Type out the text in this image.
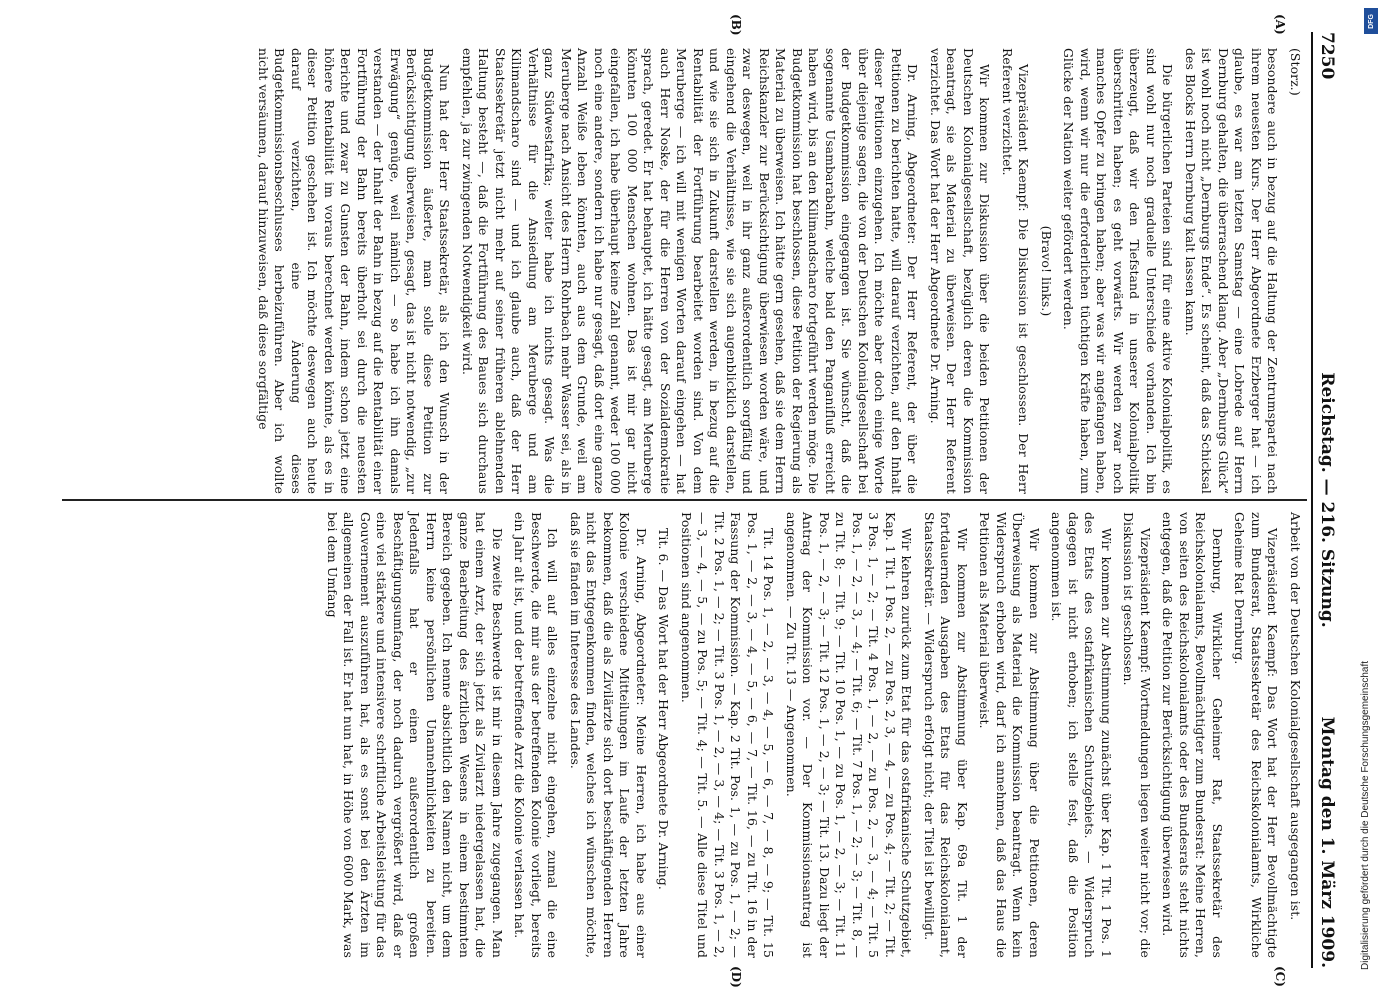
7250
Reichstag. — 216. Sitzung.
Montag den 1. März 1909.
(A)
(B)
(C)
(D)

(Storz.)

besondere auch in bezug auf die Haltung der Zentrumspartei nach ihrem neuesten Kurs. Der Herr Abgeordnete Erzberger hat — ich glaube, es war am letzten Samstag — eine Lobrede auf Herrn Dernburg gehalten, die überraschend klang. Aber „Dernburgs Glück“ ist wohl noch nicht „Dernburgs Ende“. Es scheint, daß das Schicksal des Blocks Herrn Dernburg kalt lassen kann.

Die bürgerlichen Parteien sind für eine aktive Kolonialpolitik, es sind wohl nur noch graduelle Unterschiede vorhanden. Ich bin überzeugt, daß wir den Tiefstand in unserer Kolonialpolitik überschritten haben; es geht vorwärts. Wir werden zwar noch manches Opfer zu bringen haben; aber was wir angefangen haben, wird, wenn wir nur die erforderlichen tüchtigen Kräfte haben, zum Glücke der Nation weiter gefördert werden.

(Bravo! links.)

Vizepräsident Kaempf: Die Diskussion ist geschlossen. Der Herr Referent verzichtet.

Wir kommen zur Diskussion über die beiden Petitionen der Deutschen Kolonialgesellschaft, bezüglich deren die Kommission beantragt, sie als Material zu überweisen. Der Herr Referent verzichtet. Das Wort hat der Herr Abgeordnete Dr. Arning.

Dr. Arning, Abgeordneter: Der Herr Referent, der über die Petitionen zu berichten hatte, will darauf verzichten, auf den Inhalt dieser Petitionen einzugehen. Ich möchte aber doch einige Worte über diejenige sagen, die von der Deutschen Kolonialgesellschaft bei der Budgetkommission eingegangen ist. Sie wünscht, daß die sogenannte Usambarabahn, welche bald den Panganifluß erreicht haben wird, bis an den Kilimandscharo fortgeführt werden möge. Die Budgetkommission hat beschlossen, diese Petition der Regierung als Material zu überweisen. Ich hätte gern gesehen, daß sie dem Herrn Reichskanzler zur Berücksichtigung überwiesen worden wäre, und zwar deswegen, weil in ihr ganz außerordentlich sorgfältig und eingehend die Verhältnisse, wie sie sich augenblicklich darstellen, und wie sie sich in Zukunft darstellen werden, in bezug auf die Rentabilität der Fortführung bearbeitet worden sind. Von dem Meruberge — ich will mit wenigen Worten darauf eingehen — hat auch Herr Noske, der für die Herren von der Sozialdemokratie sprach, geredet. Er hat behauptet, ich hätte gesagt, am Meruberge könnten 100 000 Menschen wohnen. Das ist mir gar nicht eingefallen, ich habe überhaupt keine Zahl genannt, weder 100 000 noch eine andere, sondern ich habe nur gesagt, daß dort eine ganze Anzahl Weiße leben könnten, auch aus dem Grunde, weil am Meruberge nach Ansicht des Herrn Rohrbach mehr Wasser sei, als in ganz Südwestafrika; weiter habe ich nichts gesagt. Was die Verhältnisse für die Ansiedlung am Meruberge und am Kilimandscharo sind — und ich glaube auch, daß der Herr Staatssekretär jetzt nicht mehr auf seiner früheren ablehnenden Haltung besteht —, daß die Fortführung des Baues sich durchaus empfehlen, ja zur zwingenden Notwendigkeit wird.

Nun hat der Herr Staatssekretär, als ich den Wunsch in der Budgetkommission äußerte, man solle diese Petition zur Berücksichtigung überweisen, gesagt, das ist nicht notwendig, „zur Erwägung“ genüge, weil nämlich — so habe ich ihn damals verstanden — der Inhalt der Bahn in bezug auf die Rentabilität einer Fortführung der Bahn bereits überholt sei durch die neuesten Berichte und zwar zu Gunsten der Bahn, indem schon jetzt eine höhere Rentabilität im voraus berechnet werden könnte, als es in dieser Petition geschehen ist. Ich möchte deswegen auch heute darauf verzichten, eine Änderung dieses Budgetkommissionsbeschlusses herbeizuführen. Aber ich wollte nicht versäumen, darauf hinzuweisen, daß diese sorgfältige

Arbeit von der Deutschen Kolonialgesellschaft ausgegangen ist.

Vizepräsident Kaempf: Das Wort hat der Herr Bevollmächtigte zum Bundesrat, Staatssekretär des Reichskolonialamts, Wirkliche Geheime Rat Dernburg.

Dernburg, Wirklicher Geheimer Rat, Staatssekretär des Reichskolonialamts, Bevollmächtigter zum Bundesrat: Meine Herren, von seiten des Reichskolonialamts oder des Bundesrats steht nichts entgegen, daß die Petition zur Berücksichtigung überwiesen wird.

Vizepräsident Kaempf: Wortmeldungen liegen weiter nicht vor; die Diskussion ist geschlossen.

Wir kommen zur Abstimmung zunächst über Kap. 1 Tit. 1 Pos. 1 des Etats des ostafrikanischen Schutzgebiets. — Widerspruch dagegen ist nicht erhoben; ich stelle fest, daß die Position angenommen ist.

Wir kommen zur Abstimmung über die Petitionen, deren Überweisung als Material die Kommission beantragt. Wenn kein Widerspruch erhoben wird, darf ich annehmen, daß das Haus die Petitionen als Material überweist.

Wir kommen zur Abstimmung über Kap. 69a Tit. 1 der fortdauernden Ausgaben des Etats für das Reichskolonialamt, Staatssekretär. — Widerspruch erfolgt nicht; der Titel ist bewilligt.

Wir kehren zurück zum Etat für das ostafrikanische Schutzgebiet, Kap. 1 Tit. 1 Pos. 2, — zu Pos. 2, 3, — 4, — zu Pos. 4; — Tit. 2; — Tit. 3 Pos. 1, — 2; — Tit. 4 Pos. 1, — 2, — zu Pos. 2, — 3, — 4; — Tit. 5 Pos. 1, — 2, — 3, — 4; — Tit. 6; — Tit. 7 Pos. 1, — 2; — 3; — Tit. 8, — zu Tit. 8; — Tit. 9; — Tit. 10 Pos. 1, — zu Pos. 1, — 2, — 3; — Tit. 11 Pos. 1, — 2, — 3; — Tit. 12 Pos. 1, — 2, — 3; — Tit. 13. Dazu liegt der Antrag der Kommission vor. — Der Kommissionsantrag ist angenommen. — Zu Tit. 13 — Angenommen.

Tit. 14 Pos. 1, — 2, — 3, — 4, — 5, — 6, — 7, — 8, — 9; — Tit. 15 Pos. 1, — 2, — 3, — 4, — 5, — 6, — 7, — Tit. 16, — zu Tit. 16 in der Fassung der Kommission. — Kap. 2 Tit. Pos. 1, — zu Pos. 1, — 2; — Tit. 2 Pos. 1, — 2; — Tit. 3 Pos. 1, — 2, — 3, — 4; — Tit. 3 Pos. 1, — 2, — 3, — 4, — 5, — zu Pos. 5; — Tit. 4; — Tit. 5. — Alle diese Titel und Positionen sind angenommen.

Tit. 6. — Das Wort hat der Herr Abgeordnete Dr. Arning.

Dr. Arning, Abgeordneter: Meine Herren, ich habe aus einer Kolonie verschiedene Mitteilungen im Laufe der letzten Jahre bekommen, daß die als Zivilärzte sich dort beschäftigenden Herren nicht das Entgegenkommen finden, welches ich wünschen möchte, daß sie fänden im Interesse des Landes.

Ich will auf alles einzelne nicht eingehen, zumal die eine Beschwerde, die mir aus der betreffenden Kolonie vorliegt, bereits ein Jahr alt ist, und der betreffende Arzt die Kolonie verlassen hat.

Die zweite Beschwerde ist mir in diesem Jahre zugegangen. Man hat einem Arzt, der sich jetzt als Zivilarzt niedergelassen hat, die ganze Bearbeitung des ärztlichen Wesens in einem bestimmten Bereich gegeben. Ich nenne absichtlich den Namen nicht, um dem Herrn keine persönlichen Unannehmlichkeiten zu bereiten. Jedenfalls hat er einen außerordentlich großen Beschäftigungsumfang, der noch dadurch vergrößert wird, daß er eine viel stärkere und intensivere schriftliche Arbeitsleistung für das Gouvernement auszuführen hat, als es sonst bei den Ärzten im allgemeinen der Fall ist. Er hat nun hat, in Höhe von 6000 Mark, was bei dem Umfang

Digitalisierung gefördert durch die Deutsche Forschungsgemeinschaft
DFG
